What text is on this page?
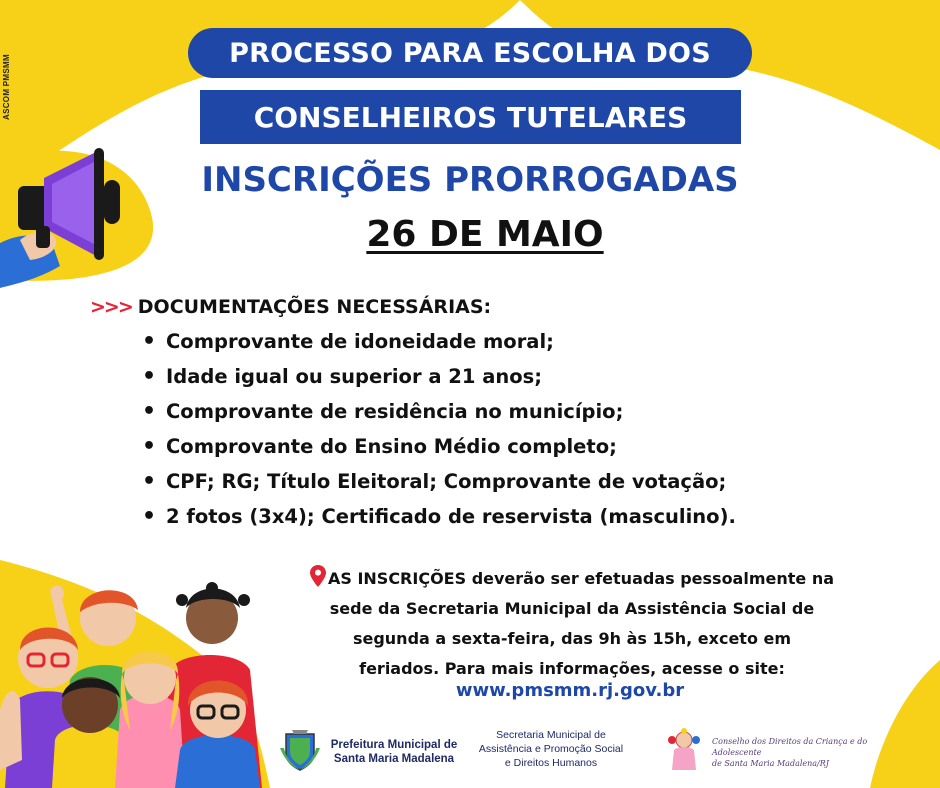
ASCOM PMSMM
PROCESSO PARA ESCOLHA DOS
CONSELHEIROS TUTELARES
INSCRIÇÕES PRORROGADAS
26 DE MAIO
>>> DOCUMENTAÇÕES NECESSÁRIAS:
• Comprovante de idoneidade moral;
• Idade igual ou superior a 21 anos;
• Comprovante de residência no município;
• Comprovante do Ensino Médio completo;
• CPF; RG; Título Eleitoral; Comprovante de votação;
• 2 fotos (3x4); Certificado de reservista (masculino).
AS INSCRIÇÕES deverão ser efetuadas pessoalmente na
sede da Secretaria Municipal da Assistência Social de
segunda a sexta-feira, das 9h às 15h, exceto em
feriados. Para mais informações, acesse o site:
www.pmsmm.rj.gov.br
Prefeitura Municipal de
Santa Maria Madalena
Secretaria Municipal de
Assistência e Promoção Social
e Direitos Humanos
Conselho dos Direitos da Criança e do Adolescente
de Santa Maria Madalena/RJ
